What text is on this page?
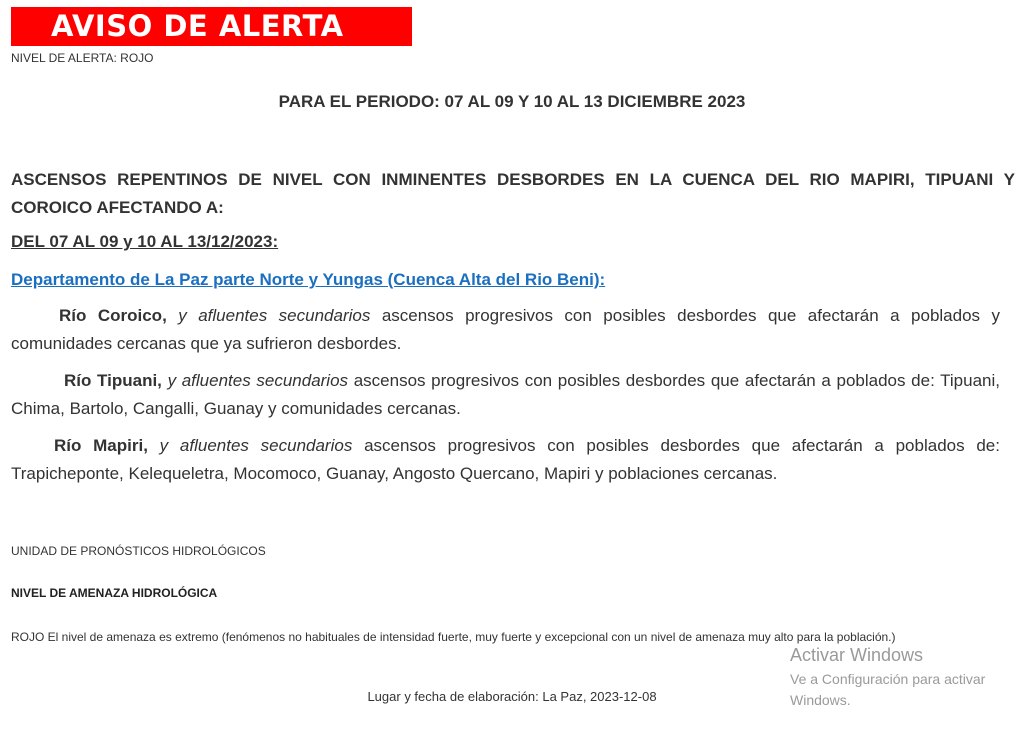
AVISO DE ALERTA
NIVEL DE ALERTA: ROJO
PARA EL PERIODO: 07 AL 09 Y 10 AL 13 DICIEMBRE 2023
ASCENSOS REPENTINOS DE NIVEL CON INMINENTES DESBORDES EN LA CUENCA DEL RIO MAPIRI, TIPUANI Y COROICO AFECTANDO A:
DEL 07 AL 09 y 10 AL 13/12/2023:
Departamento de La Paz parte Norte y Yungas (Cuenca Alta del Rio Beni):
Río Coroico, y afluentes secundarios ascensos progresivos con posibles desbordes que afectarán a poblados y comunidades cercanas que ya sufrieron desbordes.
Río Tipuani, y afluentes secundarios ascensos progresivos con posibles desbordes que afectarán a poblados de: Tipuani, Chima, Bartolo, Cangalli, Guanay y comunidades cercanas.
Río Mapiri, y afluentes secundarios ascensos progresivos con posibles desbordes que afectarán a poblados de: Trapicheponte, Kelequeletra, Mocomoco, Guanay, Angosto Quercano, Mapiri y poblaciones cercanas.
UNIDAD DE PRONÓSTICOS HIDROLÓGICOS
NIVEL DE AMENAZA HIDROLÓGICA
ROJO El nivel de amenaza es extremo (fenómenos no habituales de intensidad fuerte, muy fuerte y excepcional con un nivel de amenaza muy alto para la población.)
Lugar y fecha de elaboración: La Paz, 2023-12-08
Activar Windows
Ve a Configuración para activar Windows.
